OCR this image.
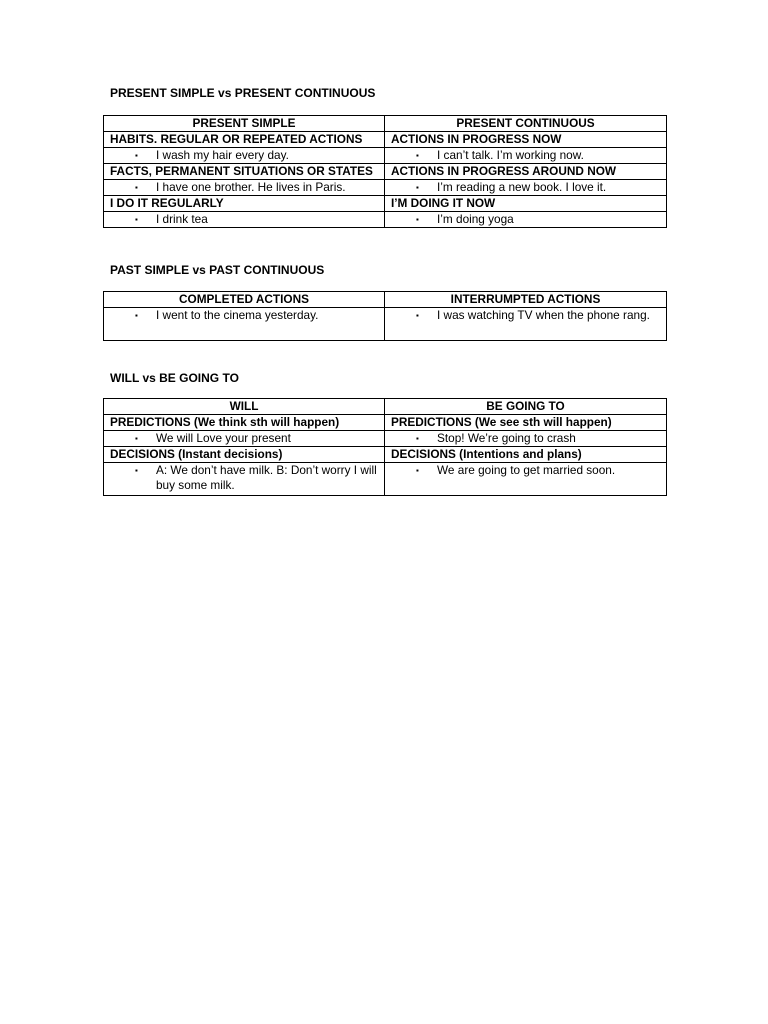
PRESENT SIMPLE vs PRESENT CONTINUOUS
PRESENT SIMPLE	PRESENT CONTINUOUS
HABITS. REGULAR OR REPEATED ACTIONS	ACTIONS IN PROGRESS NOW

▪ I wash my hair every day.	▪ I can’t talk. I’m working now.
FACTS, PERMANENT SITUATIONS OR STATES	ACTIONS IN PROGRESS AROUND NOW

▪ I have one brother. He lives in Paris.	▪ I’m reading a new book. I love it.
I DO IT REGULARLY	I’M DOING IT NOW

▪ I drink tea	▪ I’m doing yoga
PAST SIMPLE vs PAST CONTINUOUS
COMPLETED ACTIONS	INTERRUMPTED ACTIONS

▪ I went to the cinema yesterday.	▪ I was watching TV when the phone rang.
WILL vs BE GOING TO
WILL	BE GOING TO
PREDICTIONS (We think sth will happen)	PREDICTIONS (We see sth will happen)

▪ We will Love your present	▪ Stop! We’re going to crash
DECISIONS (Instant decisions)	DECISIONS (Intentions and plans)

▪ A: We don’t have milk. B: Don’t worry I will buy some milk.	▪ We are going to get married soon.
